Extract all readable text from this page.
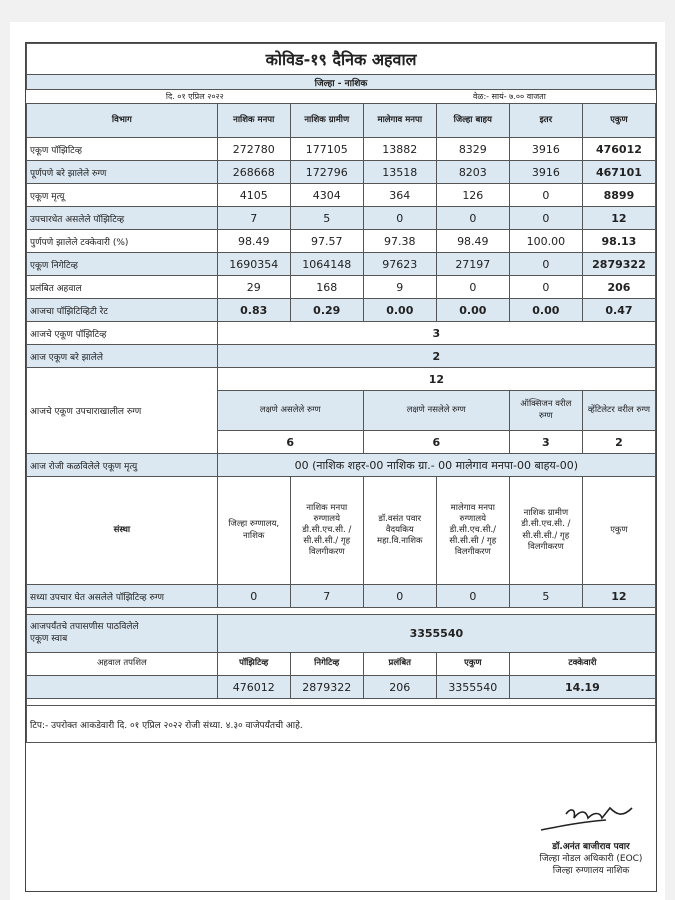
कोविड-१९ दैनिक अहवाल						
जिल्हा - नाशिक						
दि. ०१ एप्रिल २०२२			वेळ:- सायं- ७.०० वाजता			
विभाग	नाशिक मनपा	नाशिक ग्रामीण	मालेगाव मनपा	जिल्हा बाहय	इतर	एकुण
एकूण पॉझिटिव्ह	272780	177105	13882	8329	3916	476012
पूर्णपणे बरे झालेले रुग्ण	268668	172796	13518	8203	3916	467101
एकूण मृत्यू	4105	4304	364	126	0	8899
उपचारधेत असलेले पॉझिटिव्ह	7	5	0	0	0	12
पुर्णपणे झालेले टक्केवारी (%)	98.49	97.57	97.38	98.49	100.00	98.13
एकूण निगेटिव्ह	1690354	1064148	97623	27197	0	2879322
प्रलंबित अहवाल	29	168	9	0	0	206
आजचा पॉझिटिव्हिटी रेट	0.83	0.29	0.00	0.00	0.00	0.47
आजचे एकूण पॉझिटिव्ह	3					
आज एकूण बरे झालेले	2					
आजचे एकूण उपचाराखालील रुग्ण	12					
	लक्षणे असलेले रुग्ण		लक्षणे नसलेले रुग्ण		ऑक्सिजन वरील रुग्ण	व्हेंटिलेटर वरील रुग्ण
	6		6		3	2
आज रोजी कळविलेले एकूण मृत्यु	00 (नाशिक शहर-00 नाशिक ग्रा.- 00 मालेगाव मनपा-00 बाहय-00)					
संस्था	जिल्हा रुग्णालय, नाशिक	नाशिक मनपा रुग्णालये डी.सी.एच.सी. / सी.सी.सी./ गृह विलगीकरण	डॉ.वसंत पवार वैदयकिय महा.वि.नाशिक	मालेगाव मनपा रुग्णालये डी.सी.एच.सी./ सी.सी.सी / गृह विलगीकरण	नाशिक ग्रामीण डी.सी.एच.सी. /सी.सी.सी./ गृह विलगीकरण	एकुण
सध्या उपचार घेत असलेले पॉझिटिव्ह रुग्ण	0	7	0	0	5	12

आजपर्यंतचे तपासणीस पाठविलेले
एकूण स्वाब	3355540					
अहवाल तपशिल	पॉझिटिव्ह	निगेटिव्ह	प्रलंबित	एकुण	टक्केवारी	
	476012	2879322	206	3355540	14.19	

टिप:- उपरोक्त आकडेवारी दि. ०१ एप्रिल २०२२ रोजी संध्या. ४.३० वाजेपर्यंतची आहे.						
डॉ.अनंत बाजीराव पवार
जिल्हा नोडल अधिकारी (EOC)
जिल्हा रुग्णालय नाशिक
